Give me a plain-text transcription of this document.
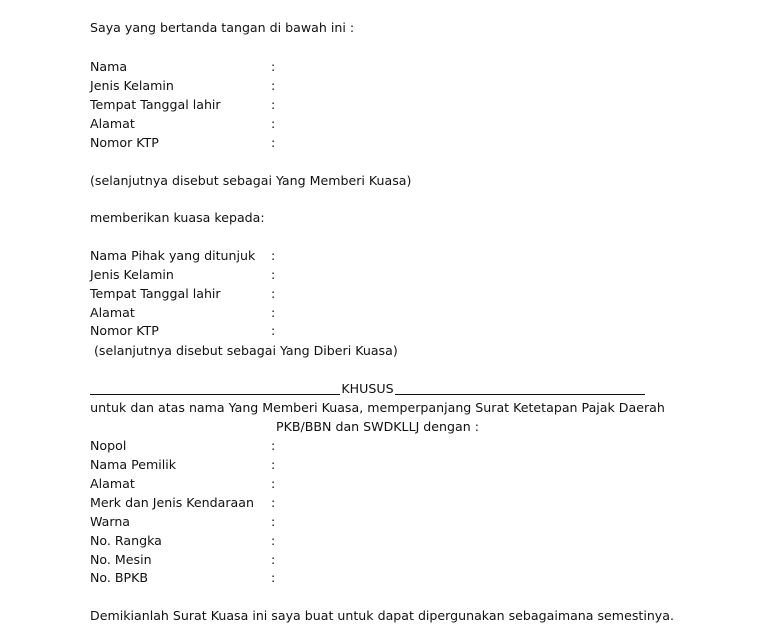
Saya yang bertanda tangan di bawah ini :
Nama	:
Jenis Kelamin	:
Tempat Tanggal lahir	:
Alamat	:
Nomor KTP	:
(selanjutnya disebut sebagai Yang Memberi Kuasa)
memberikan kuasa kepada:
Nama Pihak yang ditunjuk :
Jenis Kelamin	:
Tempat Tanggal lahir	:
Alamat	:
Nomor KTP	:
(selanjutnya disebut sebagai Yang Diberi Kuasa)
KHUSUS
untuk dan atas nama Yang Memberi Kuasa, memperpanjang Surat Ketetapan Pajak Daerah
PKB/BBN dan SWDKLLJ dengan :
Nopol	:
Nama Pemilik	:
Alamat	:
Merk dan Jenis Kendaraan :
Warna	:
No. Rangka	:
No. Mesin	:
No. BPKB	:
Demikianlah Surat Kuasa ini saya buat untuk dapat dipergunakan sebagaimana semestinya.
